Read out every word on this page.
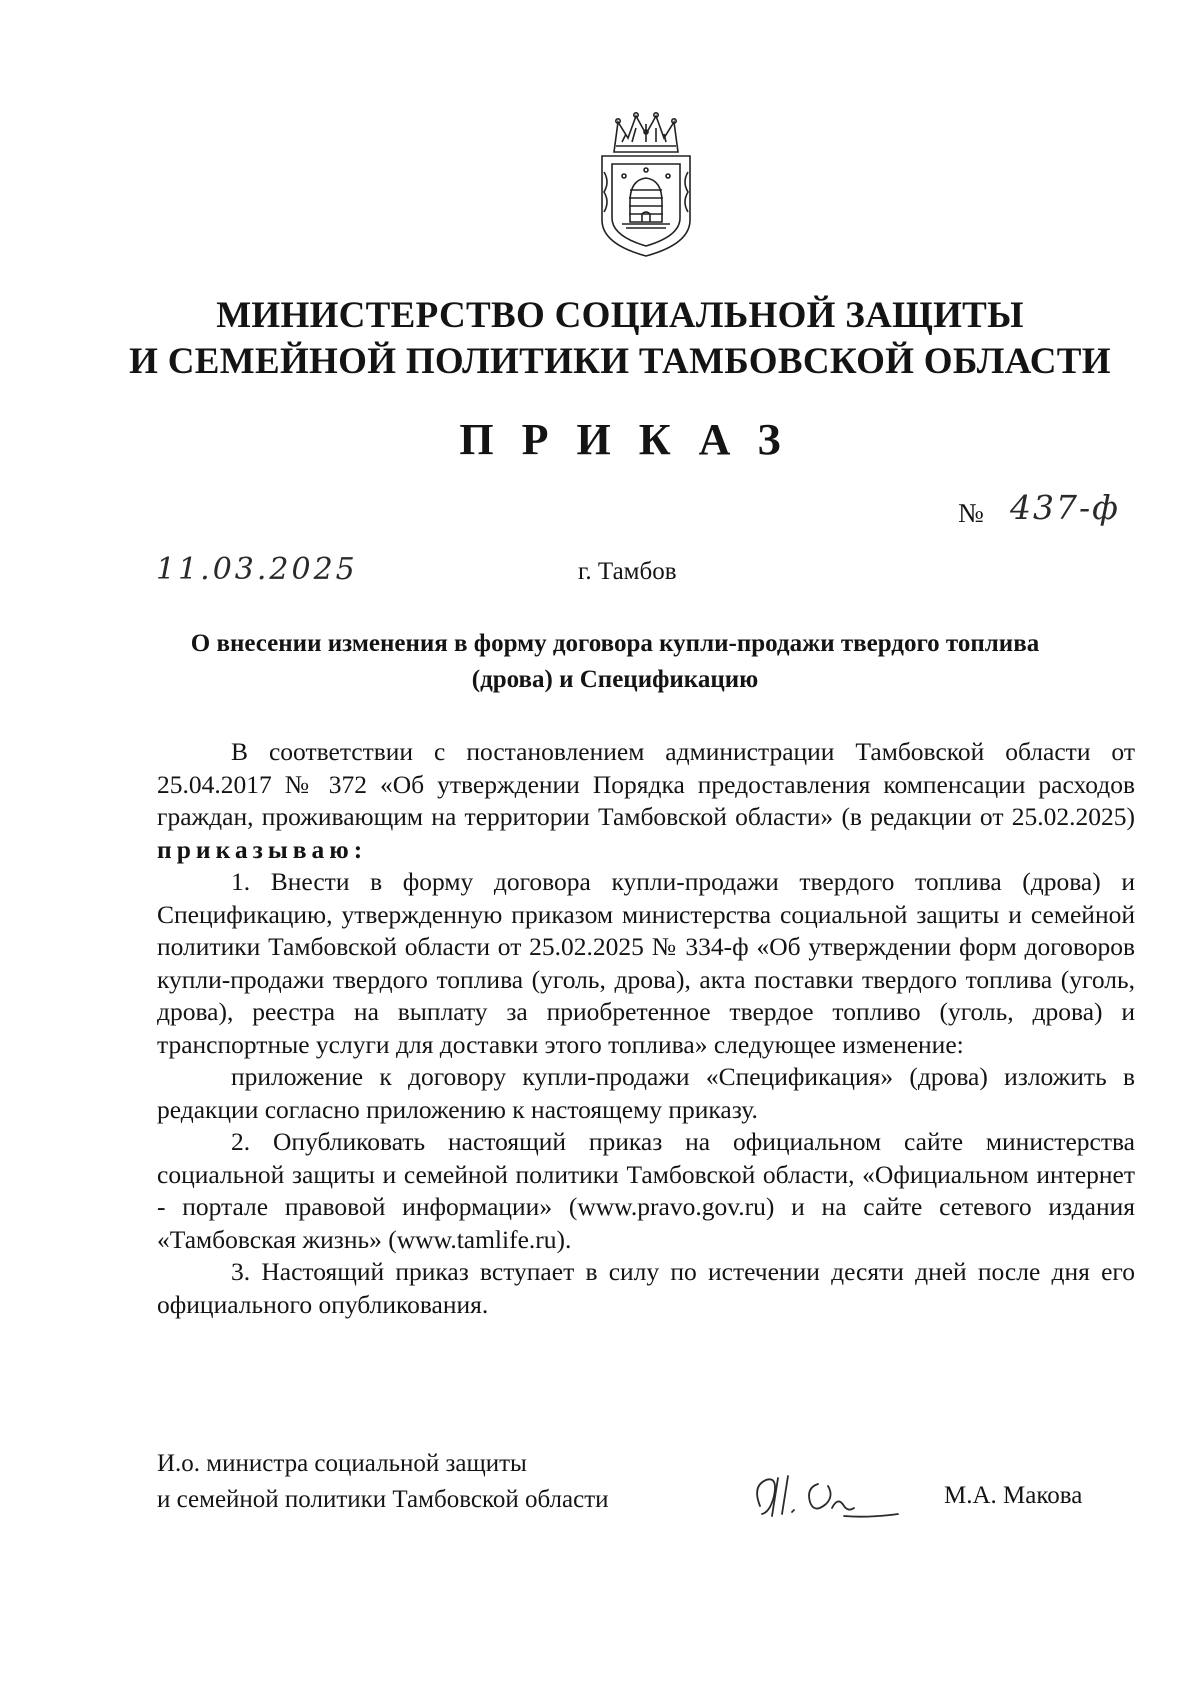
МИНИСТЕРСТВО СОЦИАЛЬНОЙ ЗАЩИТЫ
И СЕМЕЙНОЙ ПОЛИТИКИ ТАМБОВСКОЙ ОБЛАСТИ
ПРИКАЗ
№ 437-ф
11.03.2025	г. Тамбов
О внесении изменения в форму договора купли-продажи твердого топлива
(дрова) и Спецификацию

В соответствии с постановлением администрации Тамбовской области от 25.04.2017 № 372 «Об утверждении Порядка предоставления компенсации расходов граждан, проживающим на территории Тамбовской области» (в редакции от 25.02.2025) приказываю:

1. Внести в форму договора купли-продажи твердого топлива (дрова) и Спецификацию, утвержденную приказом министерства социальной защиты и семейной политики Тамбовской области от 25.02.2025 № 334-ф «Об утверждении форм договоров купли-продажи твердого топлива (уголь, дрова), акта поставки твердого топлива (уголь, дрова), реестра на выплату за приобретенное твердое топливо (уголь, дрова) и транспортные услуги для доставки этого топлива» следующее изменение:

приложение к договору купли-продажи «Спецификация» (дрова) изложить в редакции согласно приложению к настоящему приказу.

2. Опубликовать настоящий приказ на официальном сайте министерства социальной защиты и семейной политики Тамбовской области, «Официальном интернет - портале правовой информации» (www.pravo.gov.ru) и на сайте сетевого издания «Тамбовская жизнь» (www.tamlife.ru).

3. Настоящий приказ вступает в силу по истечении десяти дней после дня его официального опубликования.

И.о. министра социальной защиты
и семейной политики Тамбовской области	М.А. Макова
